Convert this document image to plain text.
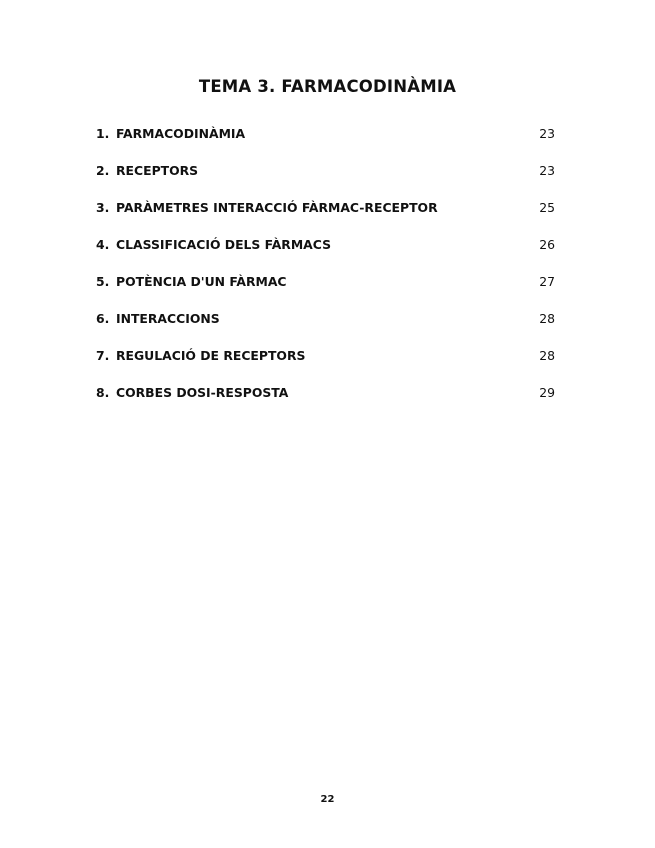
TEMA 3. FARMACODINÀMIA
1. FARMACODINÀMIA	23
2. RECEPTORS	23
3. PARÀMETRES INTERACCIÓ FÀRMAC-RECEPTOR	25
4. CLASSIFICACIÓ DELS FÀRMACS	26
5. POTÈNCIA D'UN FÀRMAC	27
6. INTERACCIONS	28
7. REGULACIÓ DE RECEPTORS	28
8. CORBES DOSI-RESPOSTA	29
22
